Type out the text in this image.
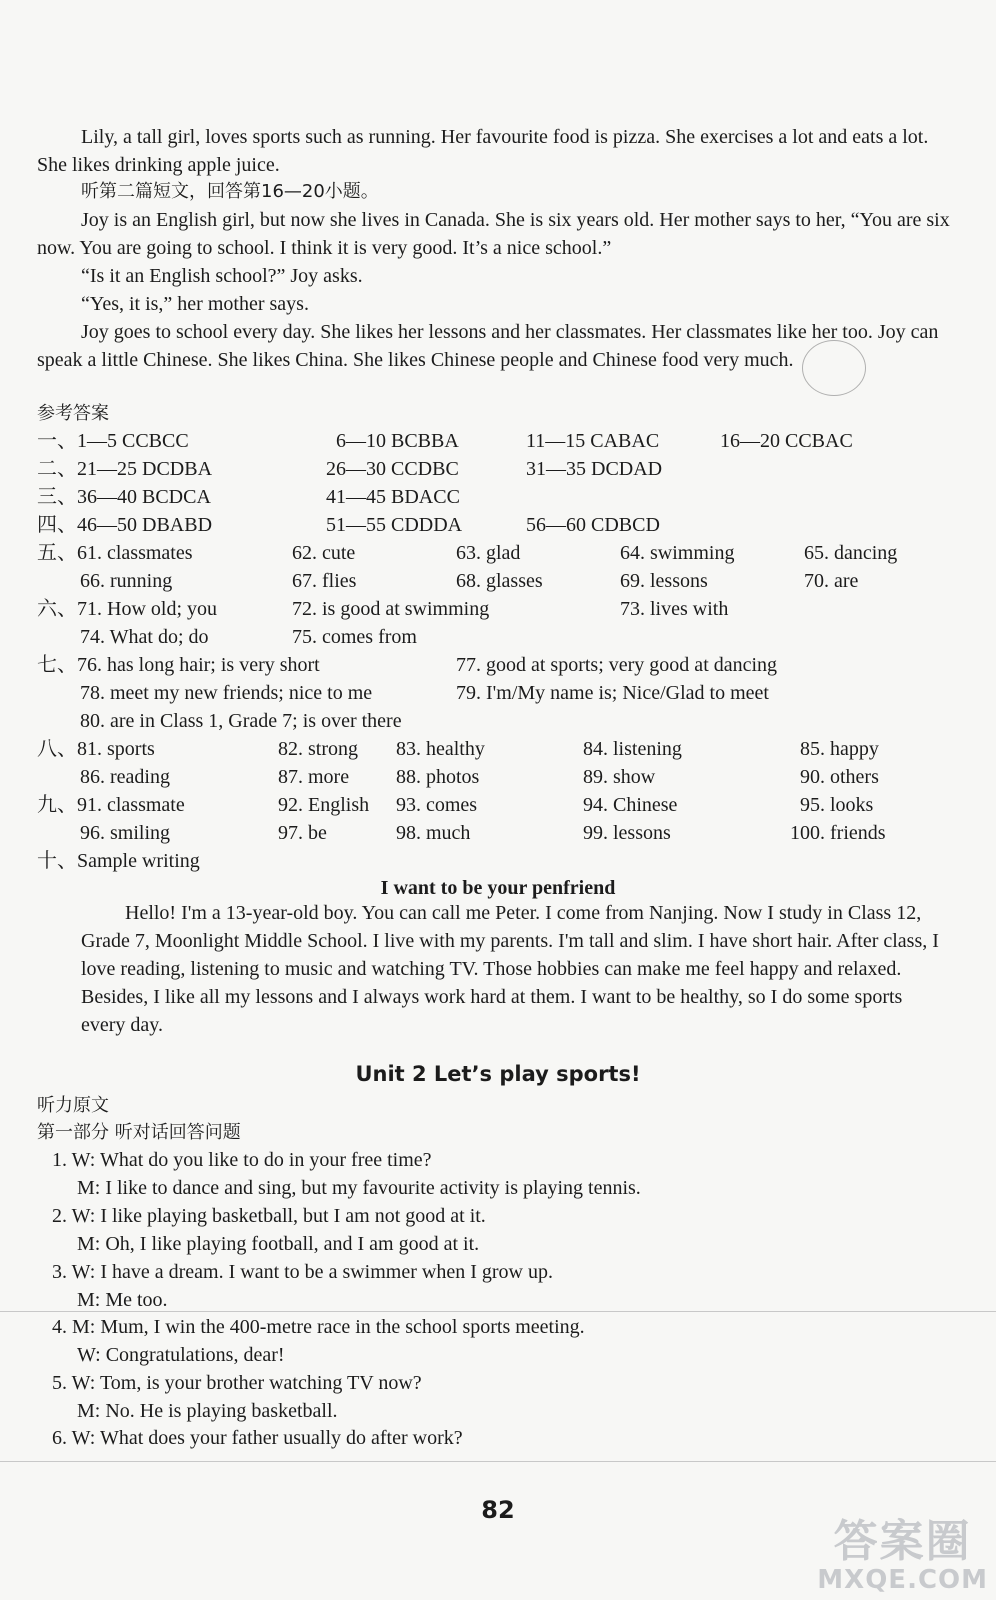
Lily, a tall girl, loves sports such as running. Her favourite food is pizza. She exercises a lot and eats a lot. She likes drinking apple juice.

听第二篇短文，回答第16—20小题。

Joy is an English girl, but now she lives in Canada. She is six years old. Her mother says to her, “You are six now. You are going to school. I think it is very good. It’s a nice school.”

“Is it an English school?” Joy asks.

“Yes, it is,” her mother says.

Joy goes to school every day. She likes her lessons and her classmates. Her classmates like her too. Joy can speak a little Chinese. She likes China. She likes Chinese people and Chinese food very much.

参考答案
一、1—5 CCBCC	6—10 BCBBA	11—15 CABAC	16—20 CCBAC
二、21—25 DCDBA	26—30 CCDBC	31—35 DCDAD
三、36—40 BCDCA	41—45 BDACC
四、46—50 DBABD	51—55 CDDDA	56—60 CDBCD
五、61. classmates	62. cute	63. glad	64. swimming	65. dancing
66. running	67. flies	68. glasses	69. lessons	70. are
六、71. How old; you	72. is good at swimming	73. lives with
74. What do; do	75. comes from
七、76. has long hair; is very short	77. good at sports; very good at dancing
78. meet my new friends; nice to me	79. I'm/My name is; Nice/Glad to meet
80. are in Class 1, Grade 7; is over there
八、81. sports	82. strong 83. healthy	84. listening	85. happy
86. reading	87. more 88. photos	89. show	90. others
九、91. classmate	92. English 93. comes	94. Chinese	95. looks
96. smiling	97. be	98. much	99. lessons	100. friends
十、Sample writing
I want to be your penfriend

Hello! I'm a 13-year-old boy. You can call me Peter. I come from Nanjing. Now I study in Class 12, Grade 7, Moonlight Middle School. I live with my parents. I'm tall and slim. I have short hair. After class, I love reading, listening to music and watching TV. Those hobbies can make me feel happy and relaxed. Besides, I like all my lessons and I always work hard at them. I want to be healthy, so I do some sports every day.

Unit 2 Let’s play sports!
听力原文
第一部分 听对话回答问题
1. W: What do you like to do in your free time?
M: I like to dance and sing, but my favourite activity is playing tennis.
2. W: I like playing basketball, but I am not good at it.
M: Oh, I like playing football, and I am good at it.
3. W: I have a dream. I want to be a swimmer when I grow up.
M: Me too.
4. M: Mum, I win the 400-metre race in the school sports meeting.
W: Congratulations, dear!
5. W: Tom, is your brother watching TV now?
M: No. He is playing basketball.
6. W: What does your father usually do after work?
82
答案圈
MXQE.COM
